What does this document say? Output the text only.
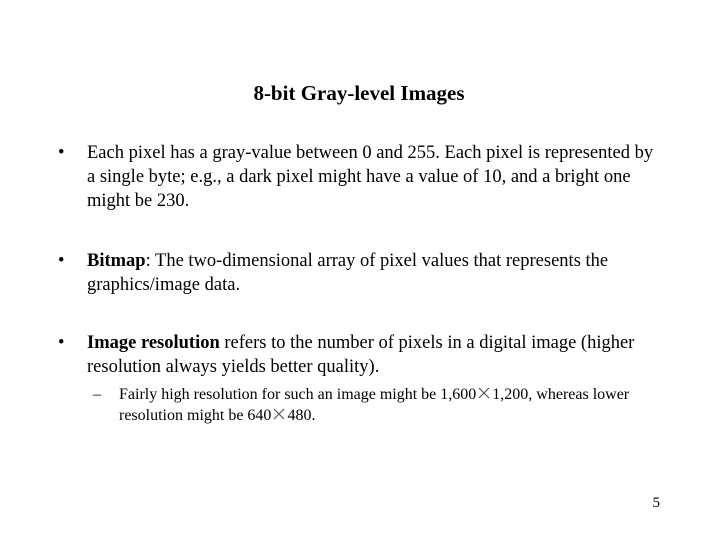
8-bit Gray-level Images
• Each pixel has a gray-value between 0 and 255. Each pixel is represented by a single byte; e.g., a dark pixel might have a value of 10, and a bright one might be 230.
• Bitmap: The two-dimensional array of pixel values that represents the graphics/image data.
• Image resolution refers to the number of pixels in a digital image (higher resolution always yields better quality).
– Fairly high resolution for such an image might be 1,600 1,200, whereas lower resolution might be 640 480.
5
